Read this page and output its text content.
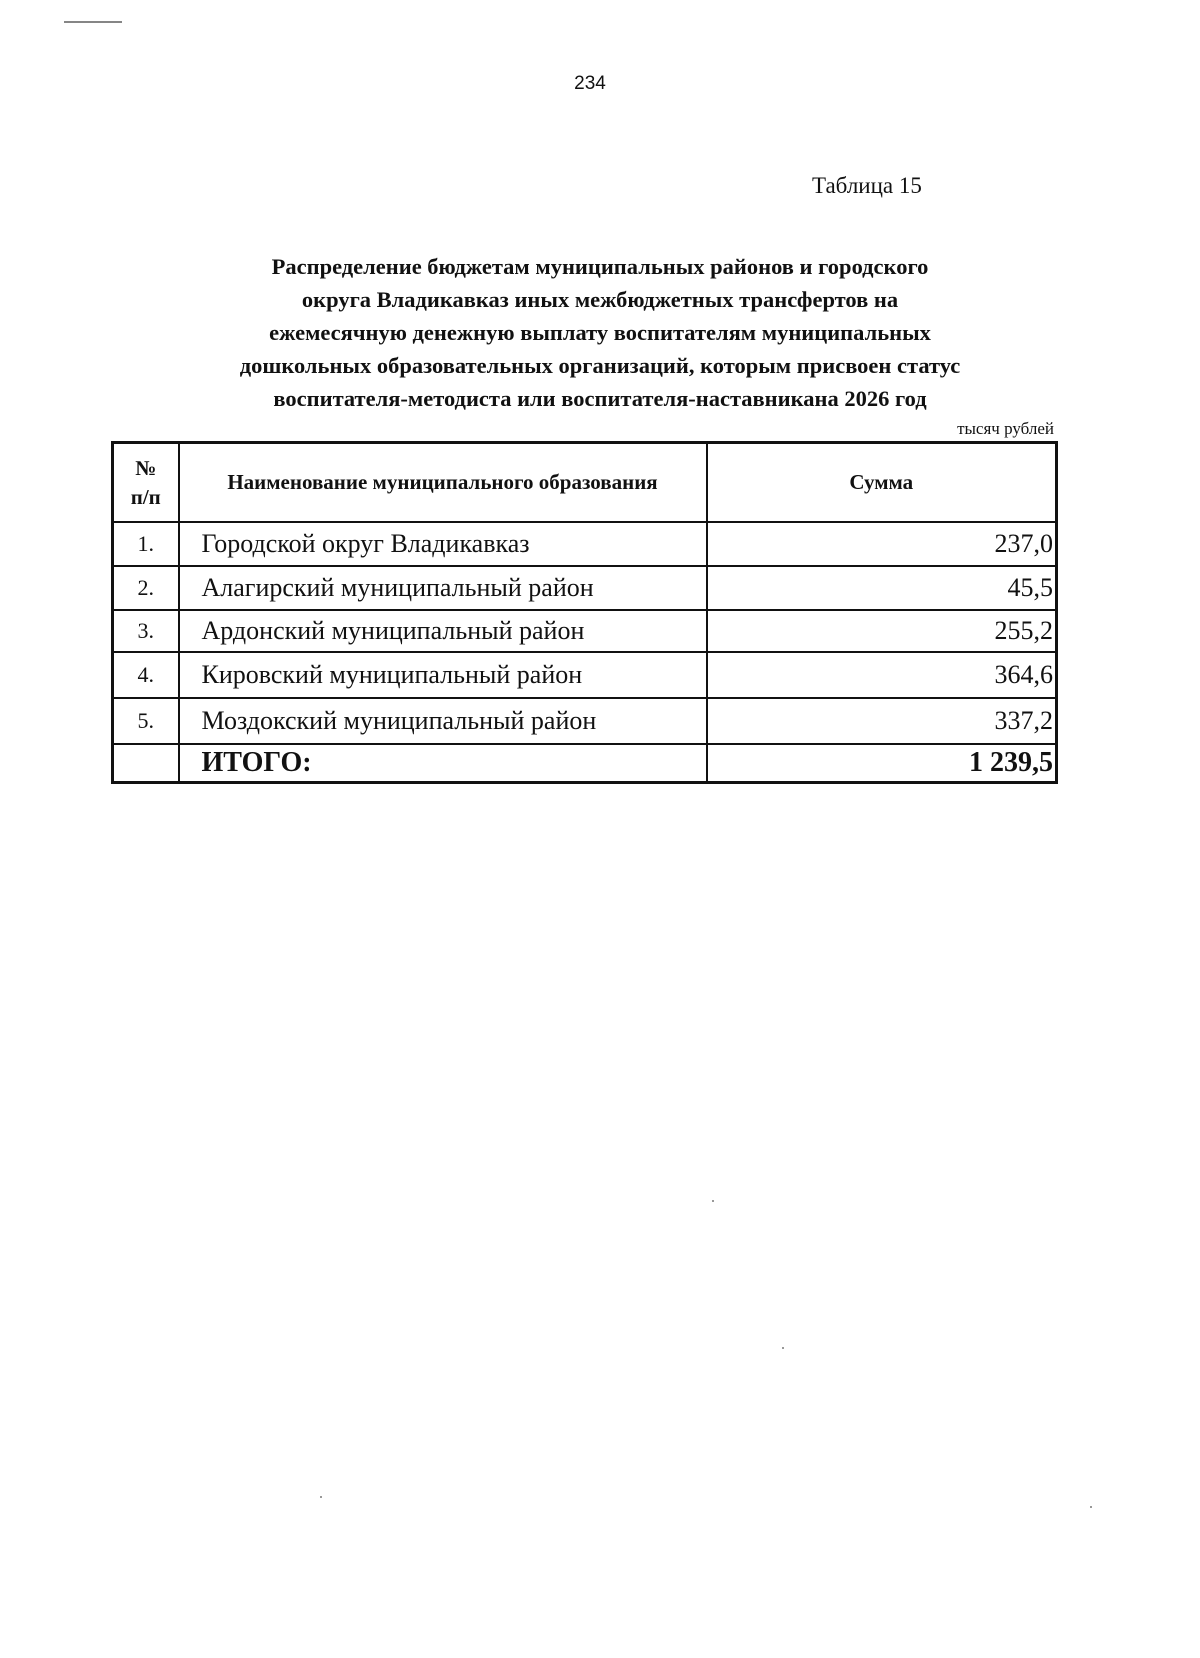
234
Таблица 15
Распределение бюджетам муниципальных районов и городского
округа Владикавказ иных межбюджетных трансфертов на
ежемесячную денежную выплату воспитателям муниципальных
дошкольных образовательных организаций, которым присвоен статус
воспитателя-методиста или воспитателя-наставникана 2026 год
тысяч рублей
№
п/п	Наименование муниципального образования	Сумма
1.	Городской округ Владикавказ	237,0
2.	Алагирский муниципальный район	45,5
3.	Ардонский муниципальный район	255,2
4.	Кировский муниципальный район	364,6
5.	Моздокский муниципальный район	337,2
	ИТОГО:	1 239,5
